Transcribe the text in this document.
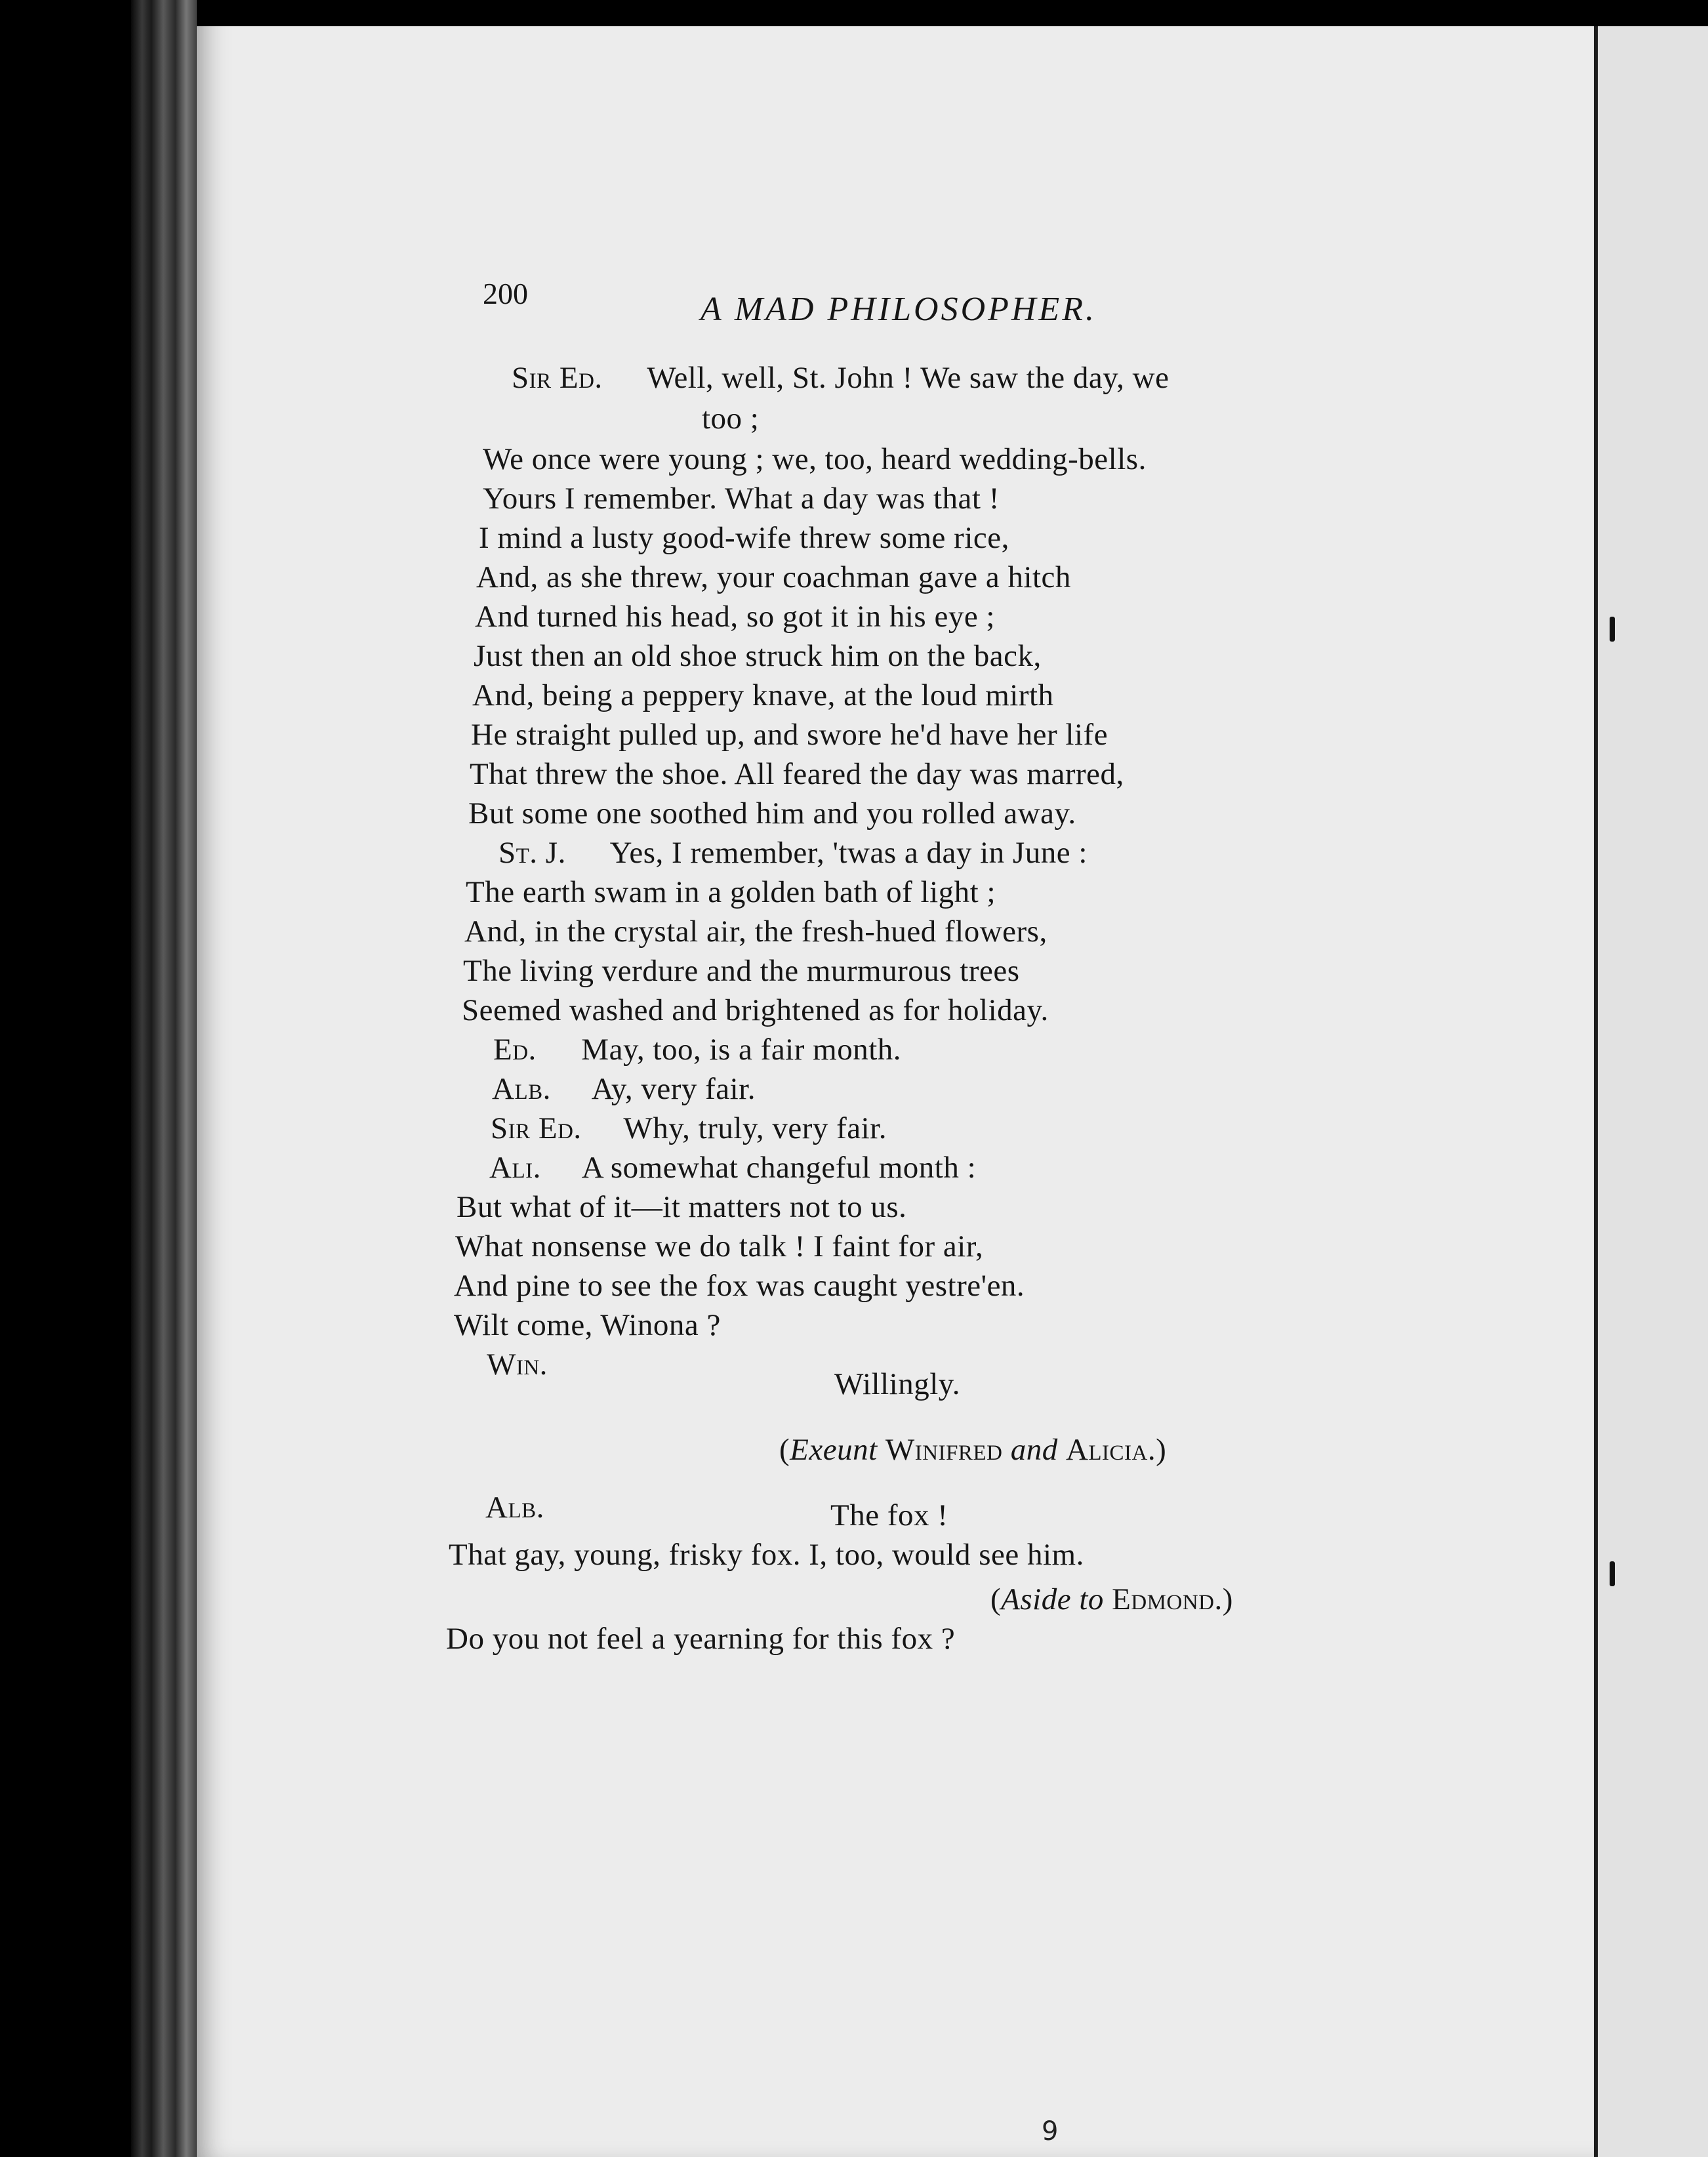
200	A MAD PHILOSOPHER.
Sir Ed. Well, well, St. John ! We saw the day, we
too ;
We once were young ; we, too, heard wedding-bells.
Yours I remember. What a day was that !
I mind a lusty good-wife threw some rice,
And, as she threw, your coachman gave a hitch
And turned his head, so got it in his eye ;
Just then an old shoe struck him on the back,
And, being a peppery knave, at the loud mirth
He straight pulled up, and swore he'd have her life
That threw the shoe. All feared the day was marred,
But some one soothed him and you rolled away.
St. J. Yes, I remember, 'twas a day in June :
The earth swam in a golden bath of light ;
And, in the crystal air, the fresh-hued flowers,
The living verdure and the murmurous trees
Seemed washed and brightened as for holiday.
Ed. May, too, is a fair month.
Alb. Ay, very fair.
Sir Ed. Why, truly, very fair.
Ali. A somewhat changeful month :
But what of it—it matters not to us.
What nonsense we do talk ! I faint for air,
And pine to see the fox was caught yestre'en.
Wilt come, Winona ?
Win.
Willingly.
(Exeunt Winifred and Alicia.)
Alb.	The fox !
That gay, young, frisky fox. I, too, would see him.
(Aside to Edmond.)
Do you not feel a yearning for this fox ?
9
